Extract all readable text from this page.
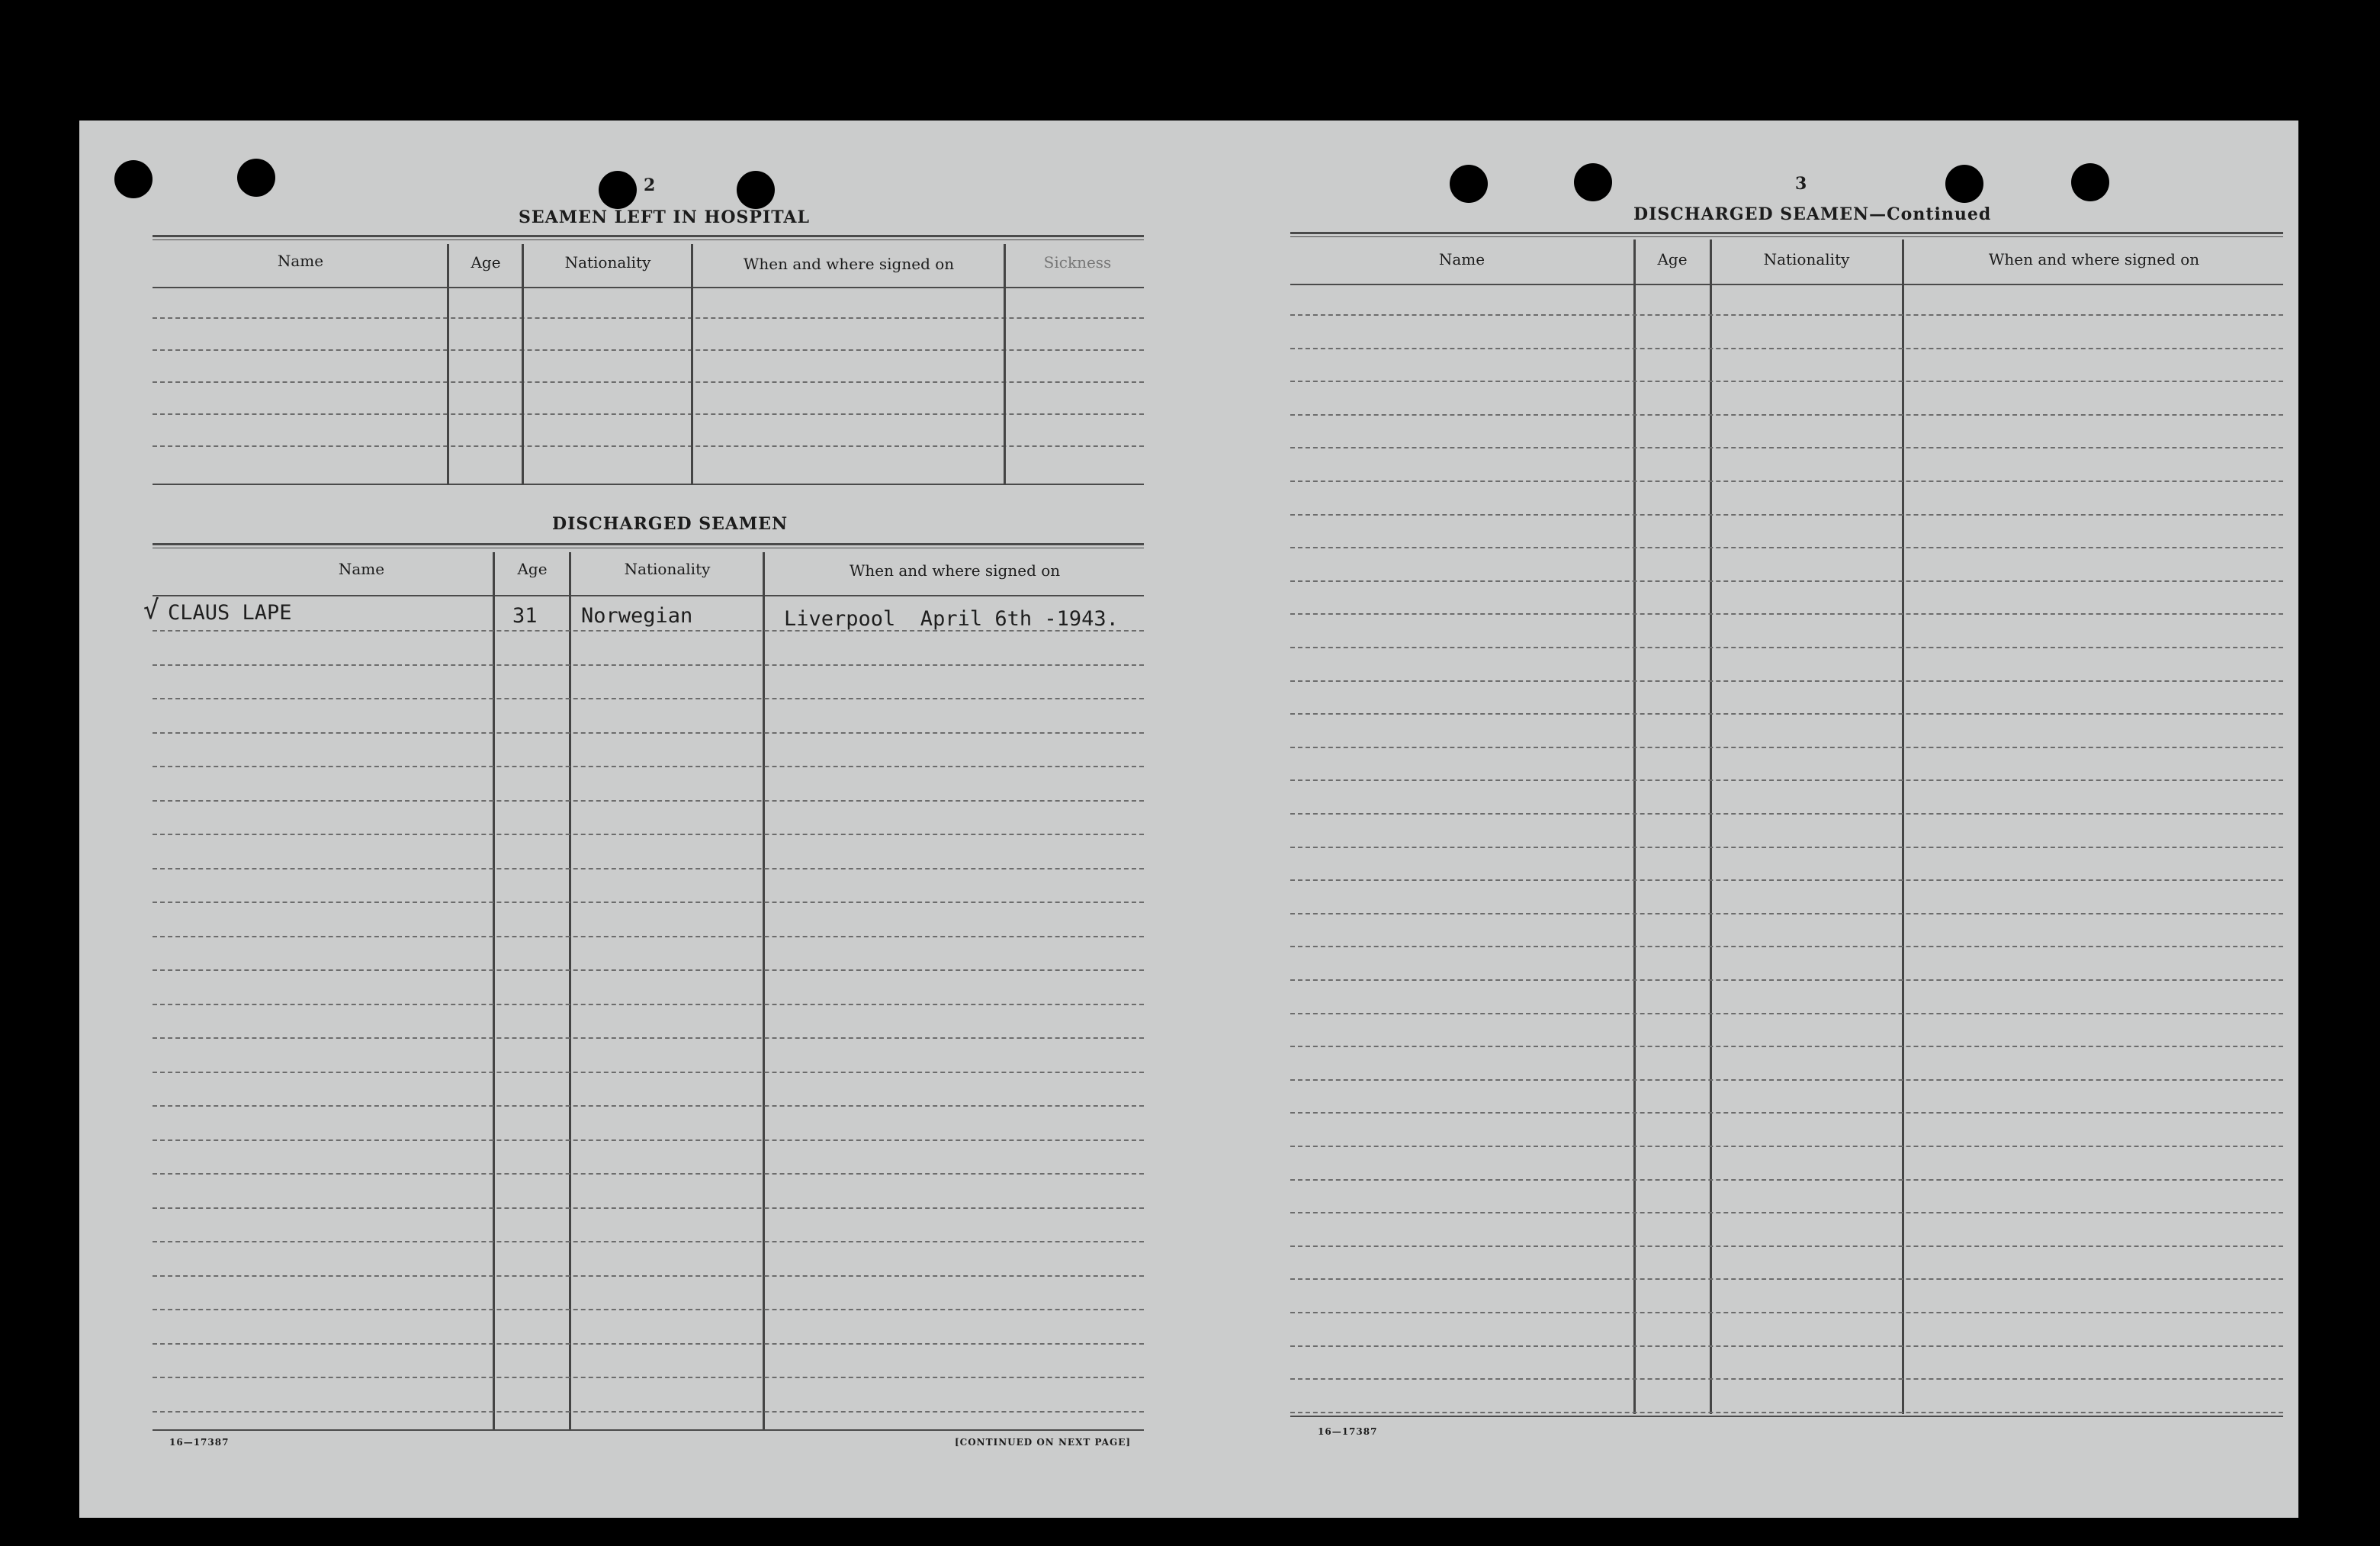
2
SEAMEN LEFT IN HOSPITAL
Name	Age	Nationality	When and where signed on	Sickness
DISCHARGED SEAMEN
Name	Age	Nationality	When and where signed on
√ CLAUS LAPE	31 Norwegian	Liverpool  April 6th -1943.
16—17387	[CONTINUED ON NEXT PAGE]
3
DISCHARGED SEAMEN—Continued
Name	Age	Nationality	When and where signed on
16—17387
